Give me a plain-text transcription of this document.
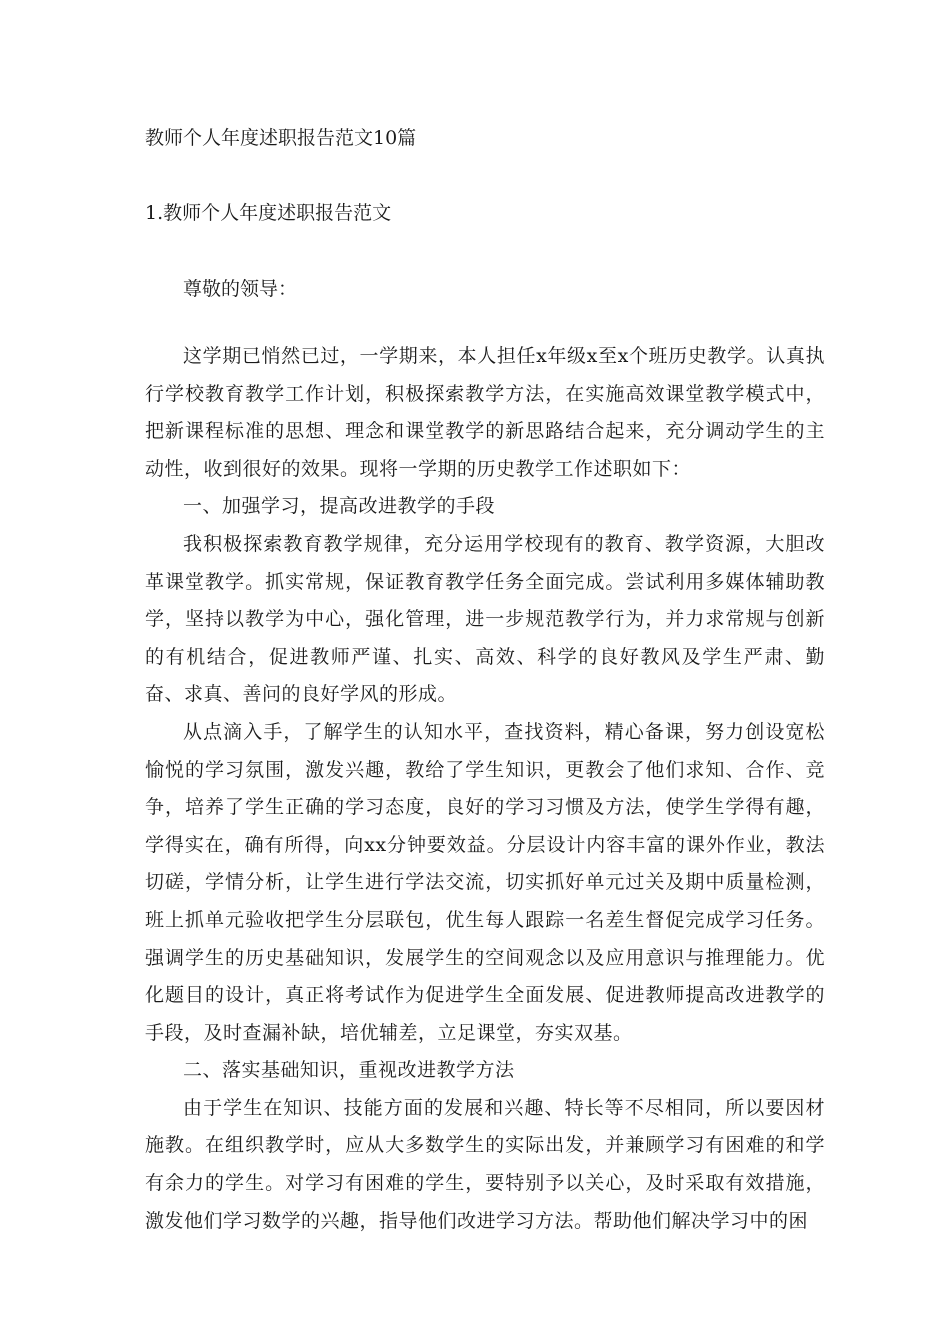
教师个人年度述职报告范文10篇
1.教师个人年度述职报告范文
尊敬的领导：

这学期已悄然已过，一学期来，本人担任x年级x至x个班历史教学。认真执行学校教育教学工作计划，积极探索教学方法，在实施高效课堂教学模式中，把新课程标准的思想、理念和课堂教学的新思路结合起来，充分调动学生的主动性，收到很好的效果。现将一学期的历史教学工作述职如下：

一、加强学习，提高改进教学的手段

我积极探索教育教学规律，充分运用学校现有的教育、教学资源，大胆改革课堂教学。抓实常规，保证教育教学任务全面完成。尝试利用多媒体辅助教学，坚持以教学为中心，强化管理，进一步规范教学行为，并力求常规与创新的有机结合，促进教师严谨、扎实、高效、科学的良好教风及学生严肃、勤奋、求真、善问的良好学风的形成。

从点滴入手，了解学生的认知水平，查找资料，精心备课，努力创设宽松愉悦的学习氛围，激发兴趣，教给了学生知识，更教会了他们求知、合作、竞争，培养了学生正确的学习态度，良好的学习习惯及方法，使学生学得有趣，学得实在，确有所得，向xx分钟要效益。分层设计内容丰富的课外作业，教法切磋，学情分析，让学生进行学法交流，切实抓好单元过关及期中质量检测，班上抓单元验收把学生分层联包，优生每人跟踪一名差生督促完成学习任务。强调学生的历史基础知识，发展学生的空间观念以及应用意识与推理能力。优化题目的设计，真正将考试作为促进学生全面发展、促进教师提高改进教学的手段，及时查漏补缺，培优辅差，立足课堂，夯实双基。

二、落实基础知识，重视改进教学方法

由于学生在知识、技能方面的发展和兴趣、特长等不尽相同，所以要因材施教。在组织教学时，应从大多数学生的实际出发，并兼顾学习有困难的和学有余力的学生。对学习有困难的学生，要特别予以关心，及时采取有效措施，激发他们学习数学的兴趣，指导他们改进学习方法。帮助他们解决学习中的困
